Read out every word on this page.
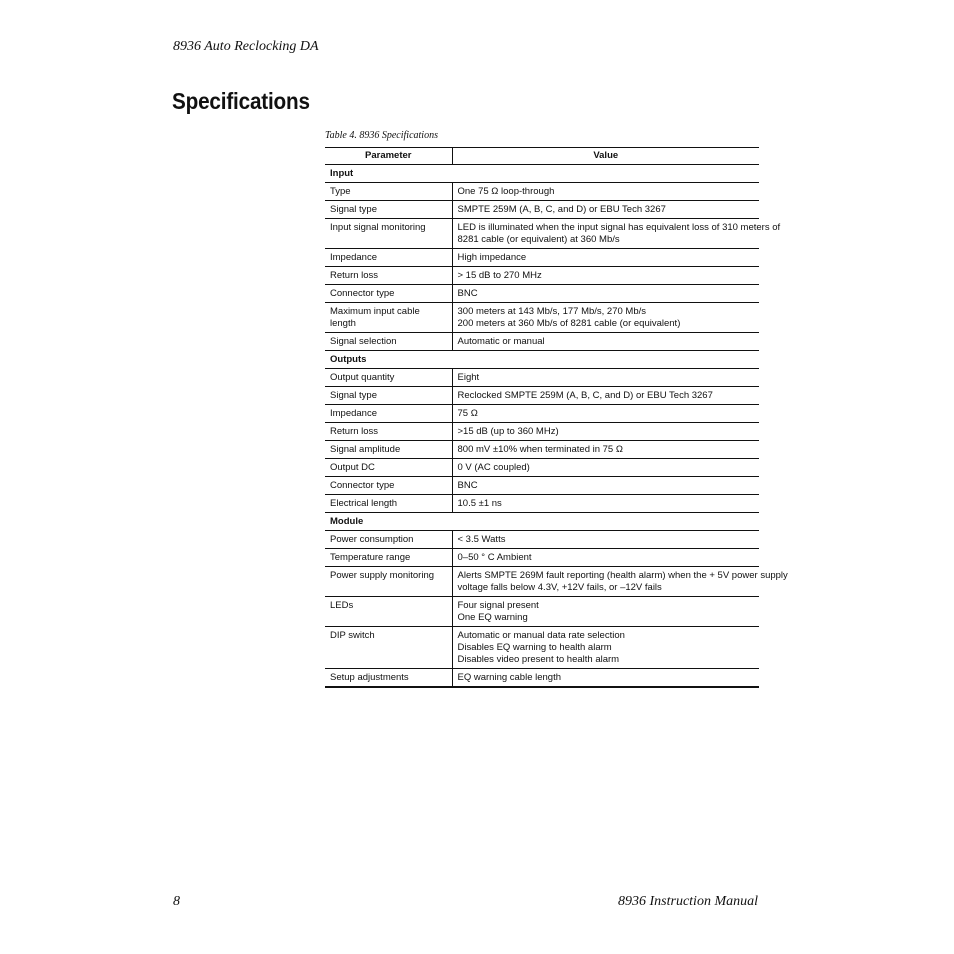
8936 Auto Reclocking DA
Specifications
Table 4. 8936 Specifications
Parameter	Value
Input	
Type	One 75 Ω loop-through

Signal type	SMPTE 259M (A, B, C, and D) or EBU Tech 3267

Input signal monitoring	LED is illuminated when the input signal has equivalent loss of 310 meters of
8281 cable (or equivalent) at 360 Mb/s

Impedance	High impedance

Return loss	> 15 dB to 270 MHz

Connector type	BNC

Maximum input cable length	300 meters at 143 Mb/s, 177 Mb/s, 270 Mb/s
200 meters at 360 Mb/s of 8281 cable (or equivalent)

Signal selection	Automatic or manual

Outputs	
Output quantity	Eight

Signal type	Reclocked SMPTE 259M (A, B, C, and D) or EBU Tech 3267

Impedance	75 Ω

Return loss	>15 dB (up to 360 MHz)

Signal amplitude	800 mV ±10% when terminated in 75 Ω

Output DC	0 V (AC coupled)

Connector type	BNC

Electrical length	10.5 ±1 ns

Module	
Power consumption	< 3.5 Watts

Temperature range	0–50 ° C Ambient

Power supply monitoring	Alerts SMPTE 269M fault reporting (health alarm) when the + 5V power supply
voltage falls below 4.3V, +12V fails, or –12V fails

LEDs	Four signal present
One EQ warning

DIP switch	Automatic or manual data rate selection
Disables EQ warning to health alarm
Disables video present to health alarm

Setup adjustments	EQ warning cable length
8	8936 Instruction Manual
